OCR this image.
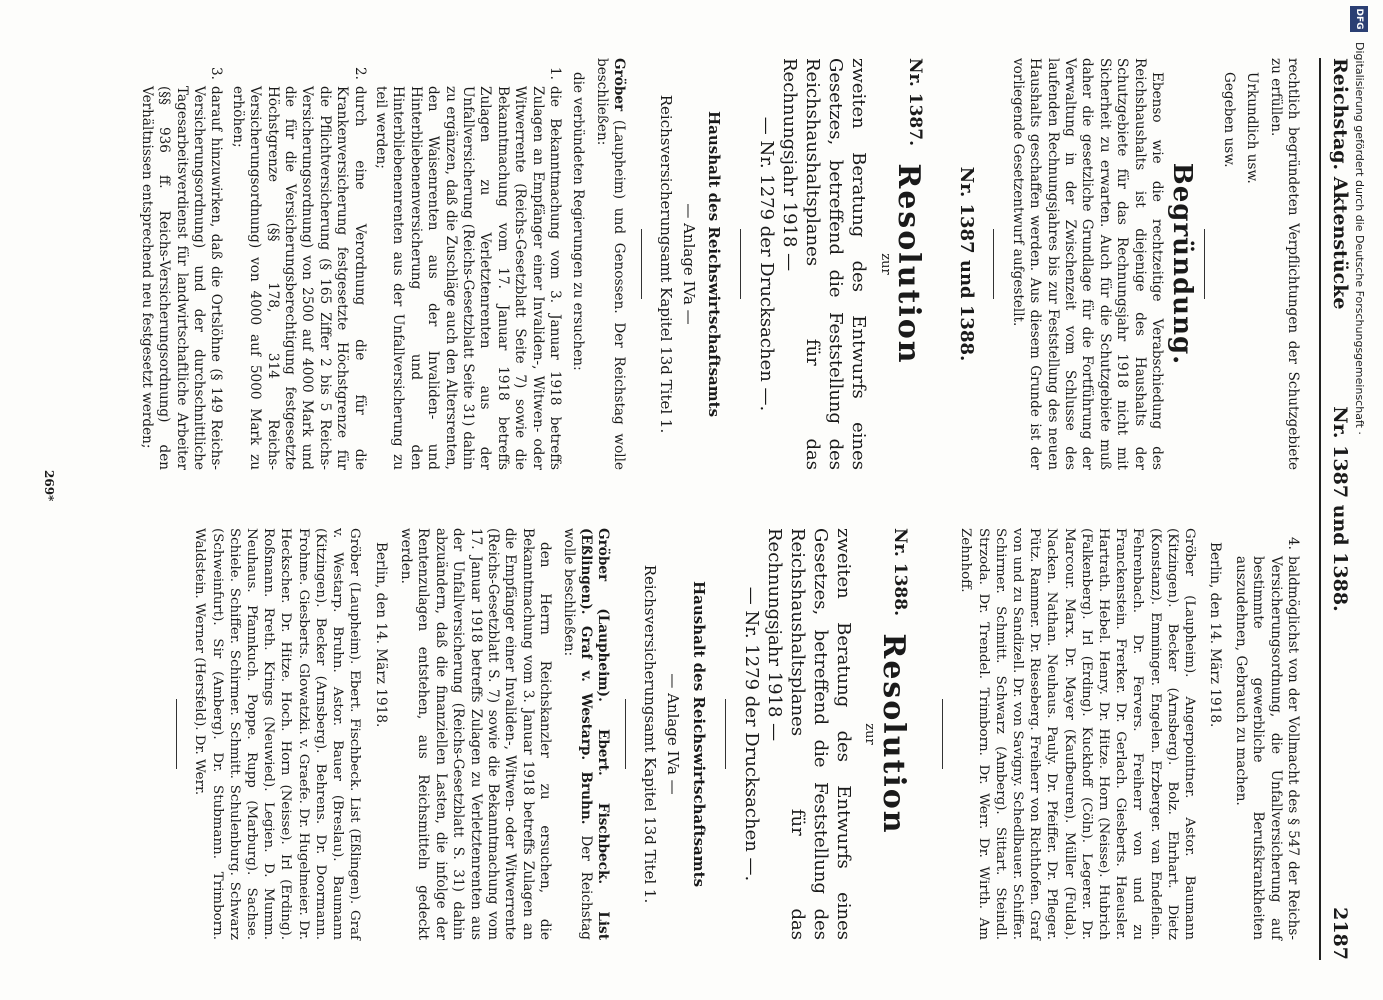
Reichstag. Aktenstücke
Nr. 1387 und 1388.
2187

rechtlich begründeten Verpflichtungen der Schutzgebiete zu erfüllen.

Urkundlich usw.

Gegeben usw.

Begründung.

Ebenso wie die rechtzeitige Verabschiedung des Reichshaushalts ist diejenige des Haushalts der Schutzgebiete für das Rechnungsjahr 1918 nicht mit Sicherheit zu erwarten. Auch für die Schutzgebiete muß daher die gesetzliche Grundlage für die Fortführung der Verwaltung in der Zwischenzeit vom Schlusse des laufenden Rechnungsjahres bis zur Feststellung des neuen Haushalts geschaffen werden. Aus diesem Grunde ist der vorliegende Gesetzentwurf aufgestellt.

Nr. 1387 und 1388.
Nr. 1387.
Resolution
zur
zweiten Beratung des Entwurfs eines Gesetzes, betreffend die Feststellung des Reichshaushaltsplanes für das Rechnungsjahr 1918 —
— Nr. 1279 der Drucksachen —.
Haushalt des Reichswirtschaftsamts
— Anlage IVa —
Reichsversicherungsamt Kapitel 13d Titel 1.

Gröber (Laupheim) und Genossen. Der Reichstag wolle beschließen:

die verbündeten Regierungen zu ersuchen:

1.
die Bekanntmachung vom 3. Januar 1918 betreffs Zulagen an Empfänger einer Invaliden-, Witwen- oder Witwerrente (Reichs-Gesetzblatt Seite 7) sowie die Bekanntmachung vom 17. Januar 1918 betreffs Zulagen zu Verletztenrenten aus der Unfallversicherung (Reichs-Gesetzblatt Seite 31) dahin zu ergänzen, daß die Zuschläge auch den Altersrenten, den Waisenrenten aus der Invaliden- und Hinterbliebenenversicherung und den Hinterbliebenenrenten aus der Unfallversicherung zu teil werden;
2.
durch eine Verordnung die für die Krankenversicherung festgesetzte Höchstgrenze für die Pflichtversicherung (§ 165 Ziffer 2 bis 5 Reichs-Versicherungsordnung) von 2500 auf 4000 Mark und die für die Versicherungsberechtigung festgesetzte Höchstgrenze (§§ 178, 314 Reichs-Versicherungsordnung) von 4000 auf 5000 Mark zu erhöhen;
3.
darauf hinzuwirken, daß die Ortslöhne (§ 149 Reichs-Versicherungsordnung) und der durchschnittliche Tagesarbeitsverdienst für landwirtschaftliche Arbeiter (§§ 936 ff. Reichs-Versicherungsordnung) den Verhältnissen entsprechend neu festgesetzt werden;
4.
baldmöglichst von der Vollmacht des § 547 der Reichs-Versicherungsordnung, die Unfallversicherung auf bestimmte gewerbliche Berufskrankheiten auszudehnen, Gebrauch zu machen.
Berlin, den 14. März 1918.
Gröber (Laupheim). Angerpointner. Astor. Baumann (Kitzingen). Becker (Arnsberg). Bolz. Ehrhart. Dietz (Konstanz). Emminger. Engelen. Erzberger. van Endeflein. Fehrenbach. Dr. Fervers. Freiherr von und zu Franckenstein. Frerker. Dr. Gerlach. Giesberts. Haeusler. Hartrath. Hebel. Henry. Dr. Hitze. Horn (Neisse). Hubrich (Falkenberg). Irl (Erding). Kuckhoff (Cöln). Legerer. Dr. Marcour. Marx. Dr. Mayer (Kaufbeuren). Müller (Fulda). Nacken. Nathan. Neuhaus. Pauly. Dr. Pfeiffer. Dr. Pfleger. Pütz. Rammer. Dr. Rieseberg. Freiherr von Richthofen. Graf von und zu Sandizell. Dr. von Savigny. Schedlbauer. Schiffer. Schirmer. Schmitt. Schwarz (Amberg). Sittart. Steindl. Strzoda. Dr. Trendel. Trimborn. Dr. Werr. Dr. Wirth. Am Zehnhoff.
Nr. 1388.
Resolution
zur
zweiten Beratung des Entwurfs eines Gesetzes, betreffend die Feststellung des Reichshaushaltsplanes für das Rechnungsjahr 1918 —
— Nr. 1279 der Drucksachen —.
Haushalt des Reichswirtschaftsamts
— Anlage IVa —
Reichsversicherungsamt Kapitel 13d Titel 1.

Gröber (Laupheim). Ebert. Fischbeck. List (Eßlingen). Graf v. Westarp. Bruhn. Der Reichstag wolle beschließen:

den Herrn Reichskanzler zu ersuchen, die Bekanntmachung vom 3. Januar 1918 betreffs Zulagen an die Empfänger einer Invaliden-, Witwen- oder Witwerrente (Reichs-Gesetzblatt S. 7) sowie die Bekanntmachung vom 17. Januar 1918 betreffs Zulagen zu Verletztenrenten aus der Unfallversicherung (Reichs-Gesetzblatt S. 31) dahin abzuändern, daß die finanziellen Lasten, die infolge der Rentenzulagen entstehen, aus Reichsmitteln gedeckt werden.

Berlin, den 14. März 1918.
Gröber (Laupheim). Ebert. Fischbeck. List (Eßlingen). Graf v. Westarp. Bruhn. Astor. Bauer (Breslau). Baumann (Kitzingen). Becker (Arnsberg). Behrens. Dr. Doormann. Frohme. Giesberts. Glowatzki. v. Graefe. Dr. Hugelmeier. Dr. Heckscher. Dr. Hitze. Hoch. Horn (Neisse). Irl (Erding). Roßmann. Rreth. Krings (Neuwied). Legien. D. Mumm. Neuhaus. Pfannkuch. Poppe. Rupp (Marburg). Sachse. Schiele. Schiffer. Schirmer. Schmitt. Schulenburg. Schwarz (Schweinfurt). Sir (Amberg). Dr. Stubmann. Trimborn. Waldstein. Werner (Hersfeld). Dr. Werr.
269*
DFG
Digitalisierung gefördert durch die Deutsche Forschungsgemeinschaft ·
